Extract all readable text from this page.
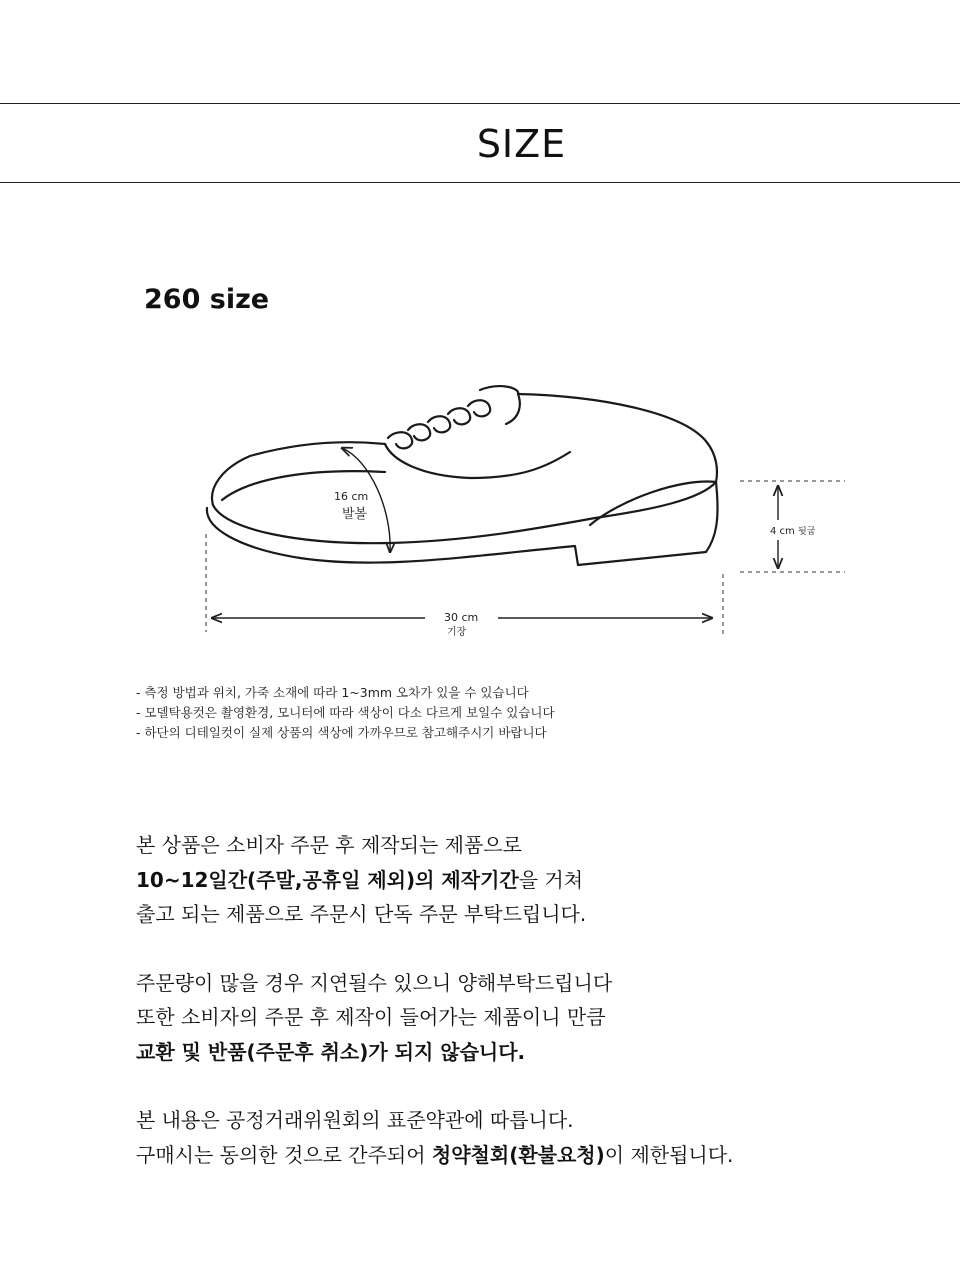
SIZE
260 size
16 cm
발볼
4 cm 뒷굽
30 cm
기장
- 측정 방법과 위치, 가죽 소재에 따라 1~3mm 오차가 있을 수 있습니다
- 모델탁용컷은 촬영환경, 모니터에 따라 색상이 다소 다르게 보일수 있습니다
- 하단의 디테일컷이 실제 상품의 색상에 가까우므로 참고해주시기 바랍니다
본 상품은 소비자 주문 후 제작되는 제품으로
10~12일간(주말,공휴일 제외)의 제작기간을 거쳐
출고 되는 제품으로 주문시 단독 주문 부탁드립니다.
주문량이 많을 경우 지연될수 있으니 양해부탁드립니다
또한 소비자의 주문 후 제작이 들어가는 제품이니 만큼
교환 및 반품(주문후 취소)가 되지 않습니다.
본 내용은 공정거래위원회의 표준약관에 따릅니다.
구매시는 동의한 것으로 간주되어 청약철회(환불요청)이 제한됩니다.
